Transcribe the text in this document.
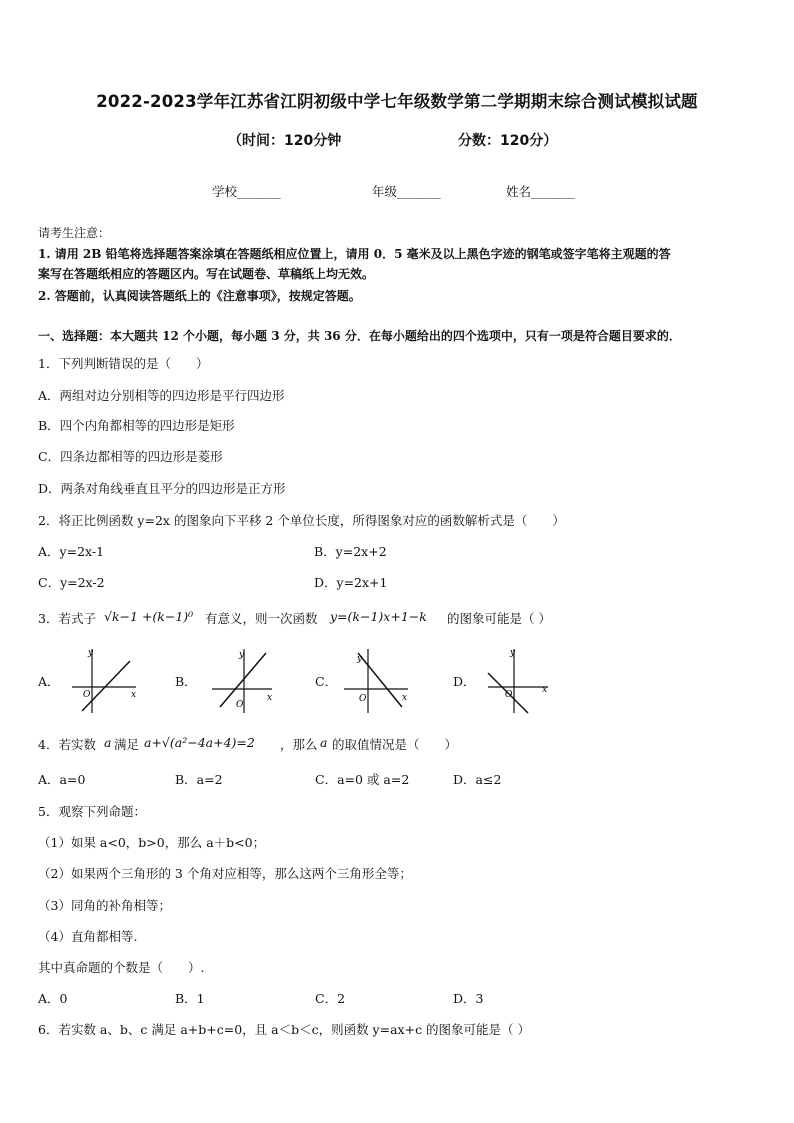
2022-2023学年江苏省江阴初级中学七年级数学第二学期期末综合测试模拟试题
（时间：120分钟	分数：120分）
学校_______	年级_______	姓名_______
请考生注意：
1. 请用 2B 铅笔将选择题答案涂填在答题纸相应位置上，请用 0．5 毫米及以上黑色字迹的钢笔或签字笔将主观题的答
案写在答题纸相应的答题区内。写在试题卷、草稿纸上均无效。
2. 答题前，认真阅读答题纸上的《注意事项》，按规定答题。
一、选择题：本大题共 12 个小题，每小题 3 分，共 36 分．在每小题给出的四个选项中，只有一项是符合题目要求的．
1．下列判断错误的是（　　）
A．两组对边分别相等的四边形是平行四边形
B．四个内角都相等的四边形是矩形
C．四条边都相等的四边形是菱形
D．两条对角线垂直且平分的四边形是正方形
2．将正比例函数 y=2x 的图象向下平移 2 个单位长度，所得图象对应的函数解析式是（　　）
A．y=2x-1	B．y=2x+2
C．y=2x-2	D．y=2x+1
3．若式子 √k−1 +(k−1)⁰ 有意义，则一次函数 y=(k−1)x+1−k 的图象可能是（ ）
A．	B．	C．	D．
y
x
O
y
x
O
y
x
O
y
x
O
4．若实数 a 满足 a+√(a²−4a+4)=2 ，那么 a 的取值情况是（　　）
A．a=0	B．a=2	C．a=0 或 a=2	D．a≤2
5．观察下列命题：
（1）如果 a<0，b>0，那么 a＋b<0；
（2）如果两个三角形的 3 个角对应相等，那么这两个三角形全等；
（3）同角的补角相等；
（4）直角都相等.
其中真命题的个数是（　　）.
A．0	B．1	C．2	D．3
6．若实数 a、b、c 满足 a+b+c=0，且 a＜b＜c，则函数 y=ax+c 的图象可能是（ ）
